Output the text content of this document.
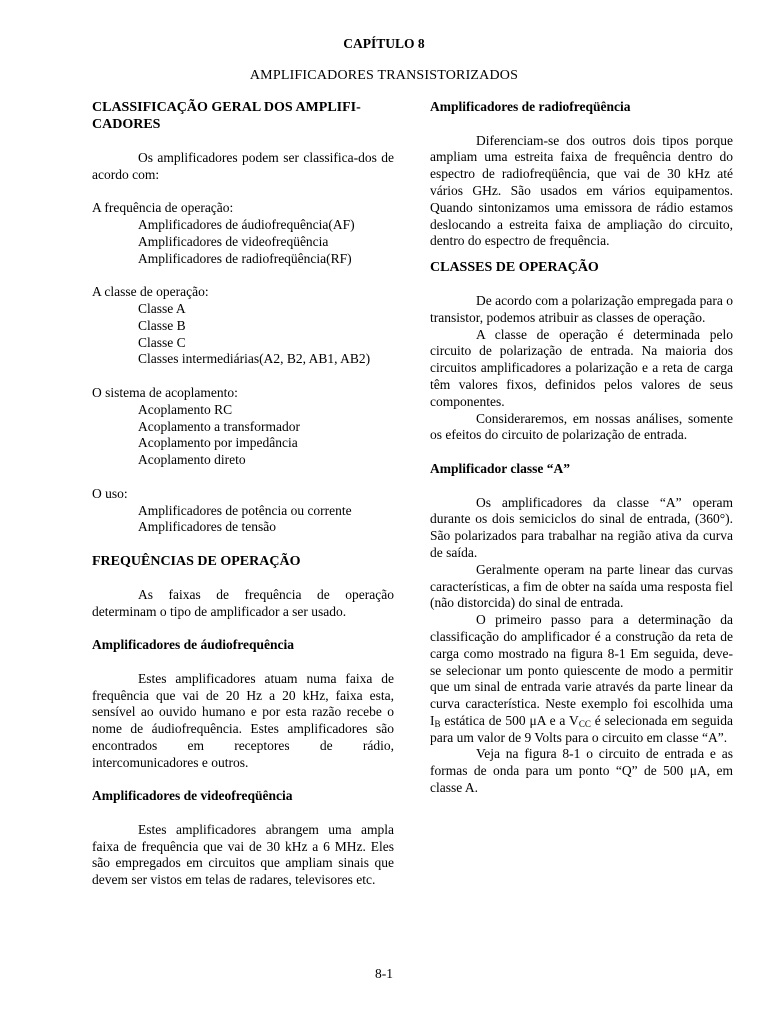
CAPÍTULO 8
AMPLIFICADORES TRANSISTORIZADOS
CLASSIFICAÇÃO GERAL DOS AMPLIFI-
CADORES

Os amplificadores podem ser classifica-dos de acordo com:

A frequência de operação:

Amplificadores de áudiofrequência(AF)

Amplificadores de videofreqüência

Amplificadores de radiofreqüência(RF)

A classe de operação:

Classe A

Classe B

Classe C

Classes intermediárias(A2, B2, AB1, AB2)

O sistema de acoplamento:

Acoplamento RC

Acoplamento a transformador

Acoplamento por impedância

Acoplamento direto

O uso:

Amplificadores de potência ou corrente

Amplificadores de tensão

FREQUÊNCIAS DE OPERAÇÃO

As faixas de frequência de operação determinam o tipo de amplificador a ser usado.

Amplificadores de áudiofrequência

Estes amplificadores atuam numa faixa de frequência que vai de 20 Hz a 20 kHz, faixa esta, sensível ao ouvido humano e por esta razão recebe o nome de áudiofrequência. Estes amplificadores são encontrados em receptores de rádio, intercomunicadores e outros.

Amplificadores de videofreqüência

Estes amplificadores abrangem uma ampla faixa de frequência que vai de 30 kHz a 6 MHz. Eles são empregados em circuitos que ampliam sinais que devem ser vistos em telas de radares, televisores etc.

Amplificadores de radiofreqüência

Diferenciam-se dos outros dois tipos porque ampliam uma estreita faixa de frequência dentro do espectro de radiofreqüência, que vai de 30 kHz até vários GHz. São usados em vários equipamentos. Quando sintonizamos uma emissora de rádio estamos deslocando a estreita faixa de ampliação do circuito, dentro do espectro de frequência.

CLASSES DE OPERAÇÃO

De acordo com a polarização empregada para o transistor, podemos atribuir as classes de operação.

A classe de operação é determinada pelo circuito de polarização de entrada. Na maioria dos circuitos amplificadores a polarização e a reta de carga têm valores fixos, definidos pelos valores de seus componentes.

Consideraremos, em nossas análises, somente os efeitos do circuito de polarização de entrada.

Amplificador classe “A”

Os amplificadores da classe “A” operam durante os dois semiciclos do sinal de entrada, (360°). São polarizados para trabalhar na região ativa da curva de saída.

Geralmente operam na parte linear das curvas características, a fim de obter na saída uma resposta fiel (não distorcida) do sinal de entrada.

O primeiro passo para a determinação da classificação do amplificador é a construção da reta de carga como mostrado na figura 8-1 Em seguida, deve-se selecionar um ponto quiescente de modo a permitir que um sinal de entrada varie através da parte linear da curva característica. Neste exemplo foi escolhida uma $I_B$ estática de 500 μA e a $V_{CC}$ é selecionada em seguida para um valor de 9 Volts para o circuito em classe “A”.

Veja na figura 8-1 o circuito de entrada e as formas de onda para um ponto “Q” de 500 μA, em classe A.

8-1
